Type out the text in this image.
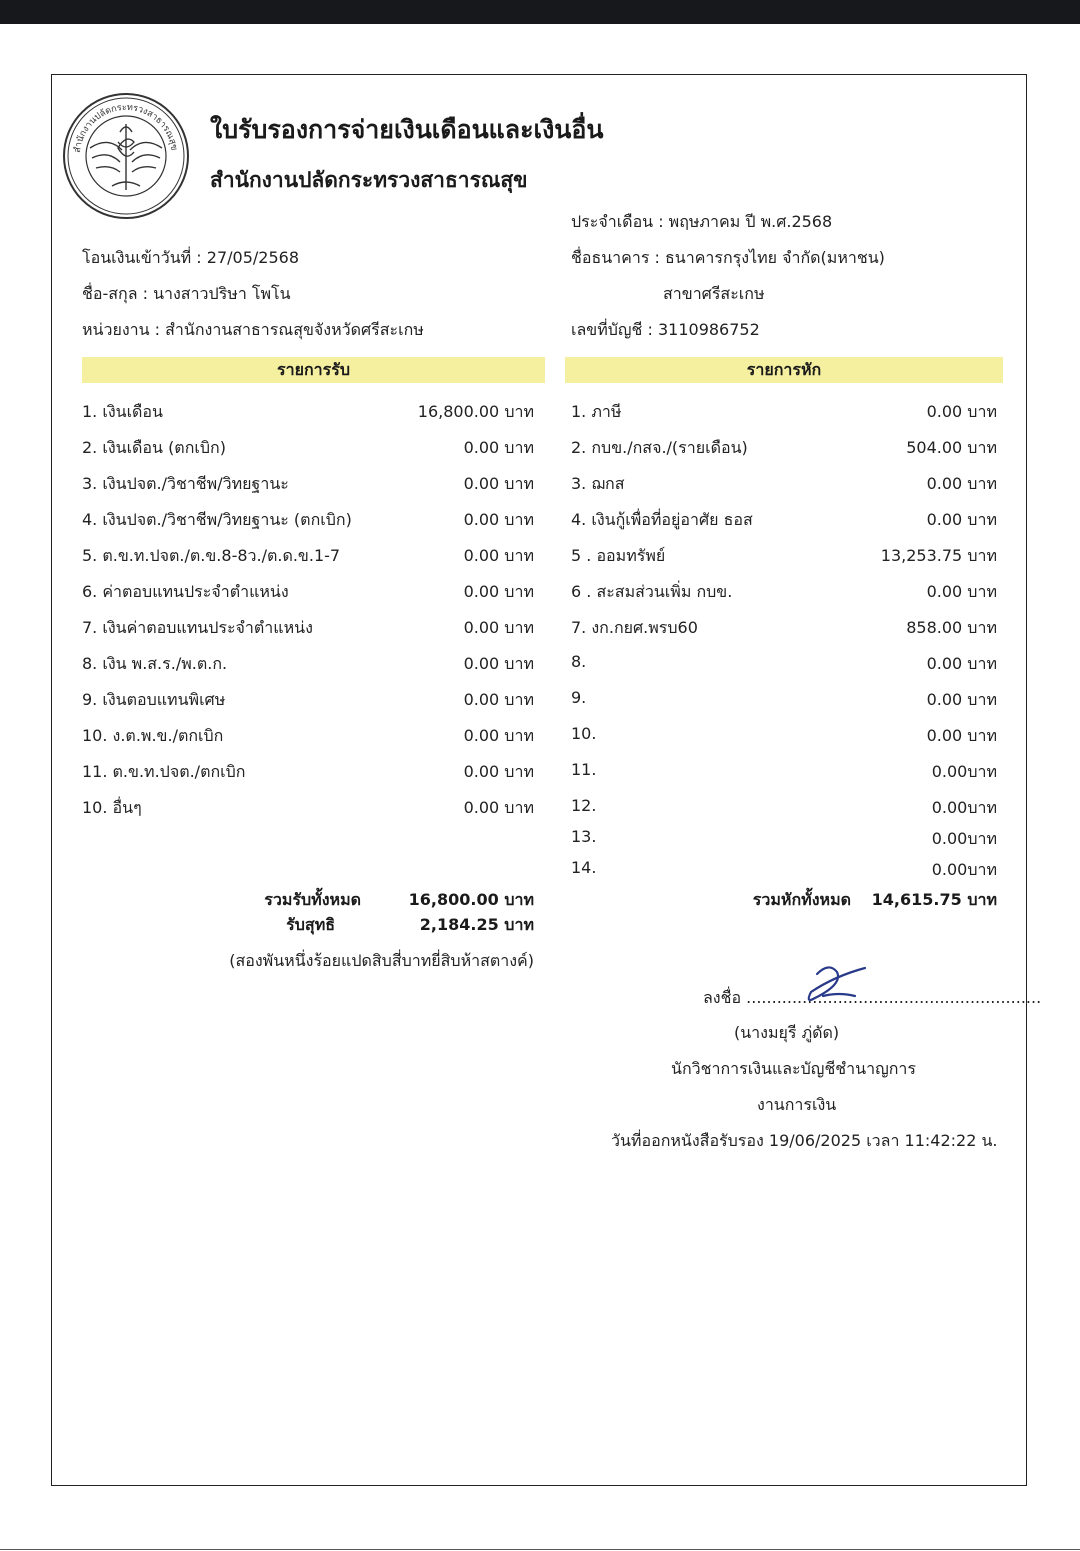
สำนักงานปลัดกระทรวงสาธารณสุข
ใบรับรองการจ่ายเงินเดือนและเงินอื่น
สำนักงานปลัดกระทรวงสาธารณสุข
ประจำเดือน : พฤษภาคม ปี พ.ศ.2568
โอนเงินเข้าวันที่ : 27/05/2568	ชื่อธนาคาร : ธนาคารกรุงไทย จำกัด(มหาชน)
ชื่อ-สกุล : นางสาวปริษา โพโน	สาขาศรีสะเกษ
หน่วยงาน : สำนักงานสาธารณสุขจังหวัดศรีสะเกษ	เลขที่บัญชี : 3110986752
รายการรับ	รายการหัก
1. เงินเดือน	16,800.00 บาท
2. เงินเดือน (ตกเบิก)	0.00 บาท
3. เงินปจต./วิชาชีพ/วิทยฐานะ	0.00 บาท
4. เงินปจต./วิชาชีพ/วิทยฐานะ (ตกเบิก)	0.00 บาท
5. ต.ข.ท.ปจต./ต.ข.8-8ว./ต.ด.ข.1-7	0.00 บาท
6. ค่าตอบแทนประจำตำแหน่ง	0.00 บาท
7. เงินค่าตอบแทนประจำตำแหน่ง	0.00 บาท
8. เงิน พ.ส.ร./พ.ต.ก.	0.00 บาท
9. เงินตอบแทนพิเศษ	0.00 บาท
10. ง.ต.พ.ข./ตกเบิก	0.00 บาท
11. ต.ข.ท.ปจต./ตกเบิก	0.00 บาท
10. อื่นๆ	0.00 บาท
1. ภาษี	0.00 บาท
2. กบข./กสจ./(รายเดือน)	504.00 บาท
3. ฌกส	0.00 บาท
4. เงินกู้เพื่อที่อยู่อาศัย ธอส	0.00 บาท
5 . ออมทรัพย์	13,253.75 บาท
6 . สะสมส่วนเพิ่ม กบข.	0.00 บาท
7. งก.กยศ.พรบ60	858.00 บาท
8.	0.00 บาท
9.	0.00 บาท
10.	0.00 บาท
11.	0.00บาท
12.	0.00บาท
13.	0.00บาท
14.	0.00บาท
รวมรับทั้งหมด	16,800.00 บาท
รับสุทธิ	2,184.25 บาท
(สองพันหนึ่งร้อยแปดสิบสี่บาทยี่สิบห้าสตางค์)
รวมหักทั้งหมด 14,615.75 บาท
ลงชื่อ ..........................................................
(นางมยุรี ภู่ดัด)
นักวิชาการเงินและบัญชีชำนาญการ
งานการเงิน
วันที่ออกหนังสือรับรอง 19/06/2025 เวลา 11:42:22 น.
